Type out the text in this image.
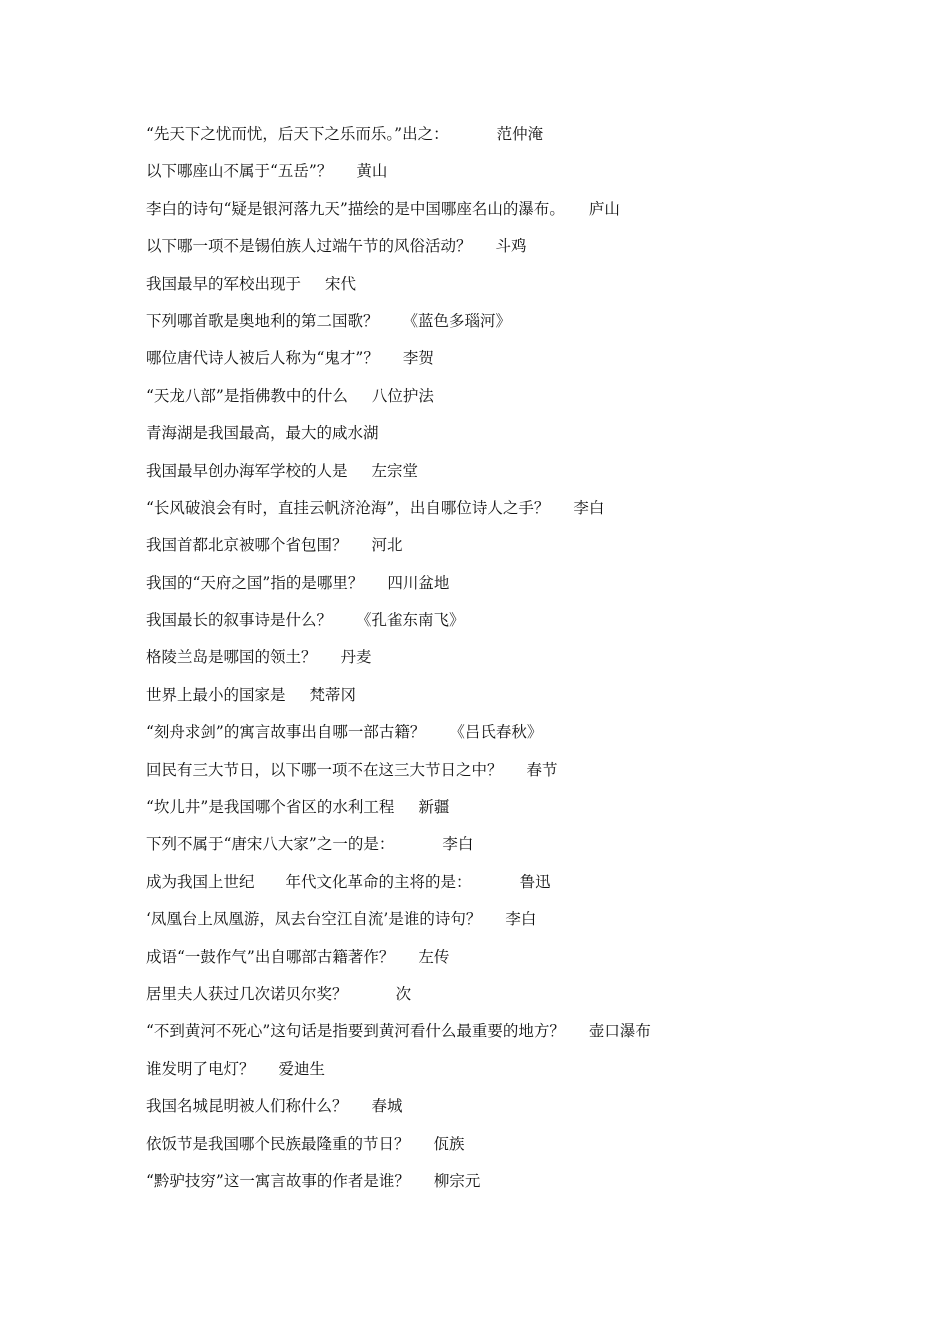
“先天下之忧而忧，后天下之乐而乐。”出之：	范仲淹
以下哪座山不属于“五岳”？ 黄山
李白的诗句“疑是银河落九天”描绘的是中国哪座名山的瀑布。 庐山
以下哪一项不是锡伯族人过端午节的风俗活动？ 斗鸡
我国最早的军校出现于 宋代
下列哪首歌是奥地利的第二国歌？ 《蓝色多瑙河》
哪位唐代诗人被后人称为“鬼才”？ 李贺
“天龙八部”是指佛教中的什么 八位护法
青海湖是我国最高，最大的咸水湖
我国最早创办海军学校的人是 左宗堂
“长风破浪会有时，直挂云帆济沧海”，出自哪位诗人之手？ 李白
我国首都北京被哪个省包围？ 河北
我国的“天府之国”指的是哪里？ 四川盆地
我国最长的叙事诗是什么？ 《孔雀东南飞》
格陵兰岛是哪国的领土？ 丹麦
世界上最小的国家是 梵蒂冈
“刻舟求剑”的寓言故事出自哪一部古籍？ 《吕氏春秋》
回民有三大节日，以下哪一项不在这三大节日之中？ 春节
“坎儿井”是我国哪个省区的水利工程 新疆
下列不属于“唐宋八大家”之一的是：	李白
成为我国上世纪　　年代文化革命的主将的是：	鲁迅
‘凤凰台上凤凰游，凤去台空江自流’是谁的诗句？ 李白
成语“一鼓作气”出自哪部古籍著作？ 左传
居里夫人获过几次诺贝尔奖？	次
“不到黄河不死心”这句话是指要到黄河看什么最重要的地方？ 壶口瀑布
谁发明了电灯？ 爱迪生
我国名城昆明被人们称什么？ 春城
依饭节是我国哪个民族最隆重的节日？ 佤族
“黔驴技穷”这一寓言故事的作者是谁？ 柳宗元
